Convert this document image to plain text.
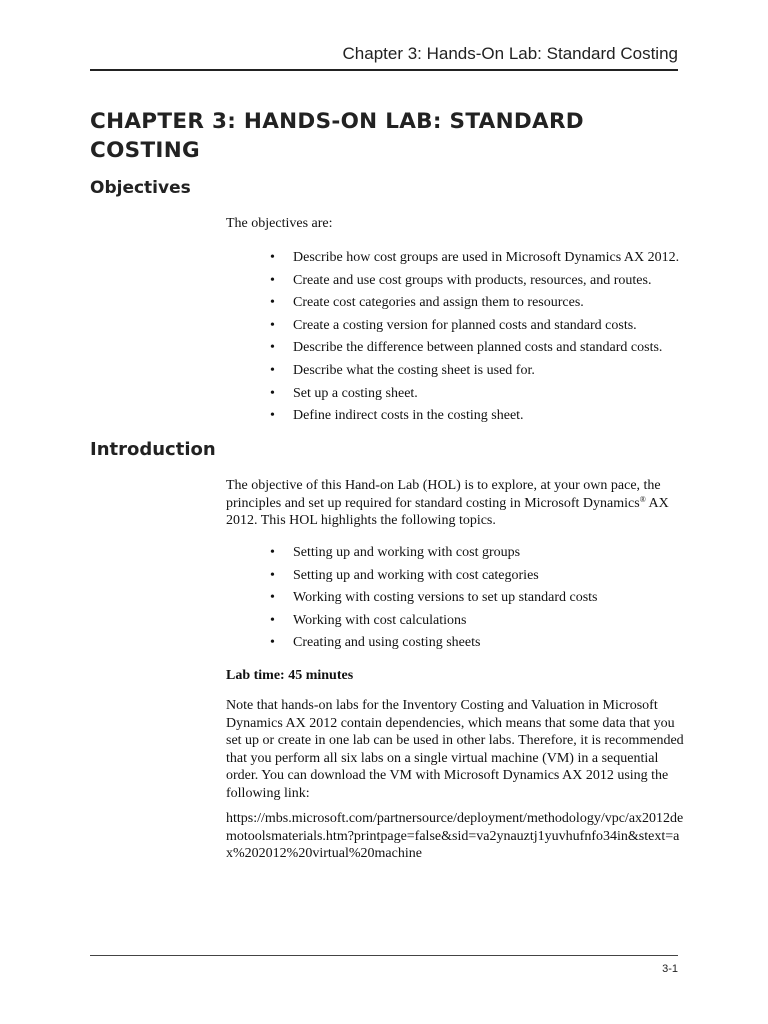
Chapter 3: Hands-On Lab: Standard Costing
CHAPTER 3: HANDS-ON LAB: STANDARD COSTING
Objectives

The objectives are:

• Describe how cost groups are used in Microsoft Dynamics AX 2012.
• Create and use cost groups with products, resources, and routes.
• Create cost categories and assign them to resources.
• Create a costing version for planned costs and standard costs.
• Describe the difference between planned costs and standard costs.
• Describe what the costing sheet is used for.
• Set up a costing sheet.
• Define indirect costs in the costing sheet.
Introduction

The objective of this Hand-on Lab (HOL) is to explore, at your own pace, the principles and set up required for standard costing in Microsoft Dynamics® AX 2012. This HOL highlights the following topics.

• Setting up and working with cost groups
• Setting up and working with cost categories
• Working with costing versions to set up standard costs
• Working with cost calculations
• Creating and using costing sheets

Lab time: 45 minutes

Note that hands-on labs for the Inventory Costing and Valuation in Microsoft Dynamics AX 2012 contain dependencies, which means that some data that you set up or create in one lab can be used in other labs. Therefore, it is recommended that you perform all six labs on a single virtual machine (VM) in a sequential order. You can download the VM with Microsoft Dynamics AX 2012 using the following link:

https://mbs.microsoft.com/partnersource/deployment/methodology/vpc/ax2012de
motoolsmaterials.htm?printpage=false&sid=va2ynauztj1yuvhufnfo34in&stext=a
x%202012%20virtual%20machine
3-1
